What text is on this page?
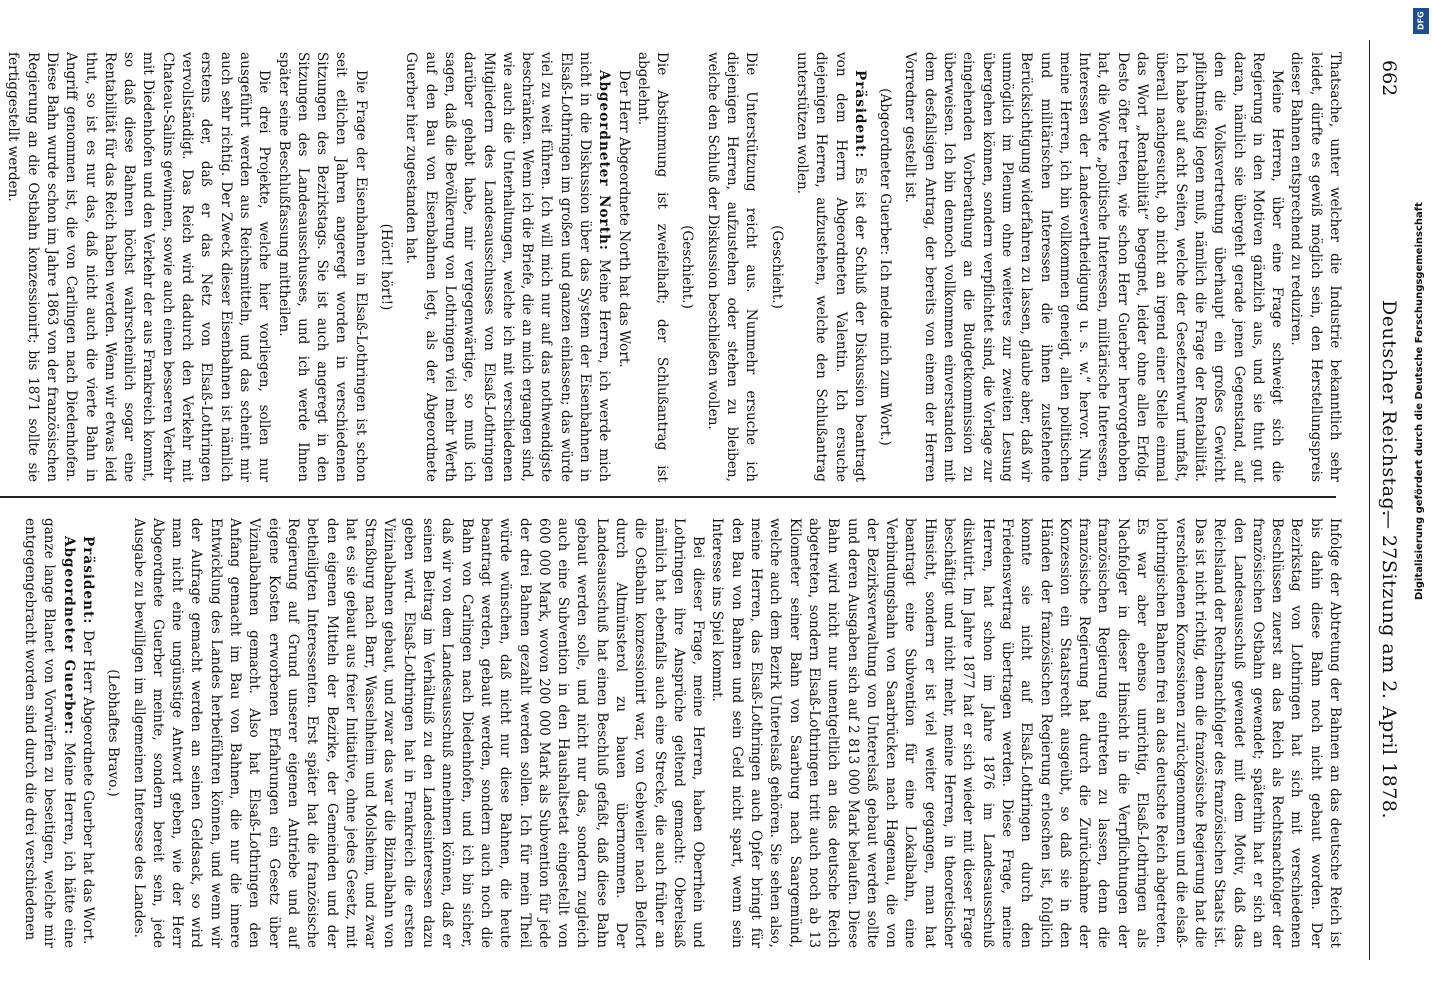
662
Deutscher Reichstag.
— 27.
Sitzung am 2. April 1878.

Thatsache, unter welcher die Industrie bekanntlich sehr leidet, dürfte es gewiß möglich sein, den Herstellungspreis dieser Bahnen entsprechend zu reduziren.

Meine Herren, über eine Frage schweigt sich die Regierung in den Motiven gänzlich aus, und sie thut gut daran, nämlich sie übergeht gerade jenen Gegenstand, auf den die Volksvertretung überhaupt ein großes Gewicht pflichtmäßig legen muß, nämlich die Frage der Rentabilität. Ich habe auf acht Seiten, welche der Gesetzentwurf umfaßt, überall nachgesucht, ob nicht an irgend einer Stelle einmal das Wort „Rentabilität“ begegnet, leider ohne allen Erfolg. Desto öfter treten, wie schon Herr Guerber hervorgehoben hat, die Worte „politische Interessen, militärische Interessen, Interessen der Landesvertheidigung u. s. w.“ hervor. Nun, meine Herren, ich bin vollkommen geneigt, allen politischen und militärischen Interessen die ihnen zustehende Berücksichtigung widerfahren zu lassen, glaube aber, daß wir unmöglich im Plenum ohne weiteres zur zweiten Lesung übergehen können, sondern verpflichtet sind, die Vorlage zur eingehenden Vorberathung an die Budgetkommission zu überweisen. Ich bin dennoch vollkommen einverstanden mit dem desfallsigen Antrag, der bereits von einem der Herren Vorredner gestellt ist.

(Abgeordneter Guerber: Ich melde mich zum Wort.)

Präsident: Es ist der Schluß der Diskussion beantragt von dem Herrn Abgeordneten Valentin. Ich ersuche diejenigen Herren, aufzustehen, welche den Schlußantrag unterstützen wollen.

(Geschieht.)

Die Unterstützung reicht aus. Nunmehr ersuche ich diejenigen Herren, aufzustehen oder stehen zu bleiben, welche den Schluß der Diskussion beschließen wollen.

(Geschieht.)

Die Abstimmung ist zweifelhaft; der Schlußantrag ist abgelehnt.

Der Herr Abgeordnete North hat das Wort.

Abgeordneter North: Meine Herren, ich werde mich nicht in die Diskussion über das System der Eisenbahnen in Elsaß-Lothringen im großen und ganzen einlassen; das würde viel zu weit führen. Ich will mich nur auf das nothwendigste beschränken. Wenn ich die Briefe, die an mich ergangen sind, wie auch die Unterhaltungen, welche ich mit verschiedenen Mitgliedern des Landesausschusses von Elsaß-Lothringen darüber gehabt habe, mir vergegenwärtige, so muß ich sagen, daß die Bevölkerung von Lothringen viel mehr Werth auf den Bau von Eisenbahnen legt, als der Abgeordnete Guerber hier zugestanden hat.

(Hört! hört!)

Die Frage der Eisenbahnen in Elsaß-Lothringen ist schon seit etlichen Jahren angeregt worden in verschiedenen Sitzungen des Bezirkstags. Sie ist auch angeregt in den Sitzungen des Landesausschusses, und ich werde Ihnen später seine Beschlußfassung mittheilen.

Die drei Projekte, welche hier vorliegen, sollen nur ausgeführt werden aus Reichsmitteln, und das scheint mir auch sehr richtig. Der Zweck dieser Eisenbahnen ist nämlich erstens der, daß er das Netz von Elsaß-Lothringen vervollständigt. Das Reich wird dadurch den Verkehr mit Chateau-Salins gewinnen, sowie auch einen besseren Verkehr mit Diedenhofen und den Verkehr der aus Frankreich kommt, so daß diese Bahnen höchst wahrscheinlich sogar eine Rentabilität für das Reich haben werden. Wenn wir etwas leid thut, so ist es nur das, daß nicht auch die vierte Bahn in Angriff genommen ist, die von Carlingen nach Diedenhofen. Diese Bahn wurde schon im Jahre 1863 von der französischen Regierung an die Ostbahn konzessionirt; bis 1871 sollte sie fertiggestellt werden.

Infolge der Abtretung der Bahnen an das deutsche Reich ist bis dahin diese Bahn noch nicht gebaut worden. Der Bezirkstag von Lothringen hat sich mit verschiedenen Beschlüssen zuerst an das Reich als Rechtsnachfolger der französischen Ostbahn gewendet; späterhin hat er sich an den Landesausschuß gewendet mit dem Motiv, daß das Reichsland der Rechtsnachfolger des französischen Staats ist. Das ist nicht richtig, denn die französische Regierung hat die verschiedenen Konzessionen zurückgenommen und die elsaß-lothringischen Bahnen frei an das deutsche Reich abgetreten. Es war aber ebenso unrichtig, Elsaß-Lothringen als Nachfolger in dieser Hinsicht in die Verpflichtungen der französischen Regierung eintreten zu lassen, denn die französische Regierung hat durch die Zurücknahme der Konzession ein Staatsrecht ausgeübt, so daß sie in den Händen der französischen Regierung erloschen ist, folglich konnte sie nicht auf Elsaß-Lothringen durch den Friedensvertrag übertragen werden. Diese Frage, meine Herren, hat schon im Jahre 1876 im Landesausschuß diskutirt. Im Jahre 1877 hat er sich wieder mit dieser Frage beschäftigt und nicht mehr, meine Herren, in theoretischer Hinsicht, sondern er ist viel weiter gegangen, man hat beantragt eine Subvention für eine Lokalbahn, eine Verbindungsbahn von Saarbrücken nach Hagenau, die von der Bezirksverwaltung von Unterelsaß gebaut werden sollte und deren Ausgaben sich auf 2 813 000 Mark belaufen. Diese Bahn wird nicht nur unentgeltlich an das deutsche Reich abgetreten, sondern Elsaß-Lothringen tritt auch noch ab 13 Kilometer seiner Bahn von Saarburg nach Saargemünd, welche auch dem Bezirk Unterelsaß gehören. Sie sehen also, meine Herren, das Elsaß-Lothringen auch Opfer bringt für den Bau von Bahnen und sein Geld nicht spart, wenn sein Interesse ins Spiel kommt.

Bei dieser Frage, meine Herren, haben Oberrhein und Lothringen ihre Ansprüche geltend gemacht: Oberelsaß nämlich hat ebenfalls auch eine Strecke, die auch früher an die Ostbahn konzessionirt war, von Gebweiler nach Belfort durch Altmünsterol zu bauen übernommen. Der Landesausschuß hat einen Beschluß gefaßt, daß diese Bahn gebaut werden solle, und nicht nur das, sondern zugleich auch eine Subvention in den Haushaltsetat eingestellt von 600 000 Mark, wovon 200 000 Mark als Subvention für jede der drei Bahnen gezahlt werden sollen. Ich für mein Theil würde wünschen, daß nicht nur diese Bahnen, die heute beantragt werden, gebaut werden, sondern auch noch die Bahn von Carlingen nach Diedenhofen, und ich bin sicher, daß wir von dem Landesausschuß annehmen können, daß er seinen Beitrag im Verhältniß zu den Landesinteressen dazu geben wird. Elsaß-Lothringen hat in Frankreich die ersten Vizinalbahnen gebaut, und zwar das war die Bizinalbahn von Straßburg nach Barr, Wasselnheim und Molsheim, und zwar hat es sie gebaut aus freier Initiative, ohne jedes Gesetz, mit den eigenen Mitteln der Bezirke, der Gemeinden und der betheiligten Interessenten. Erst später hat die französische Regierung auf Grund unserer eigenen Antriebe und auf eigene Kosten erworbenen Erfahrungen ein Gesetz über Vizinalbahnen gemacht. Also hat Elsaß-Lothringen den Anfang gemacht im Bau von Bahnen, die nur die innere Entwicklung des Landes herbeiführen können, und wenn wir der Aufrage gemacht werden an seinen Geldsack, so wird man nicht eine ungünstige Antwort geben, wie der Herr Abgeordnete Guerber meinte, sondern bereit sein, jede Ausgabe zu bewilligen im allgemeinen Interesse des Landes.

(Lebhaftes Bravo.)

Präsident: Der Herr Abgeordnete Guerber hat das Wort.

Abgeordneter Guerber: Meine Herren, ich hätte eine ganze lange Blanet von Vorwürfen zu beseitigen, welche mir entgegengebracht worden sind durch die drei verschiedenen

DFG
Digitalisierung gefördert durch die Deutsche Forschungsgemeinschaft
